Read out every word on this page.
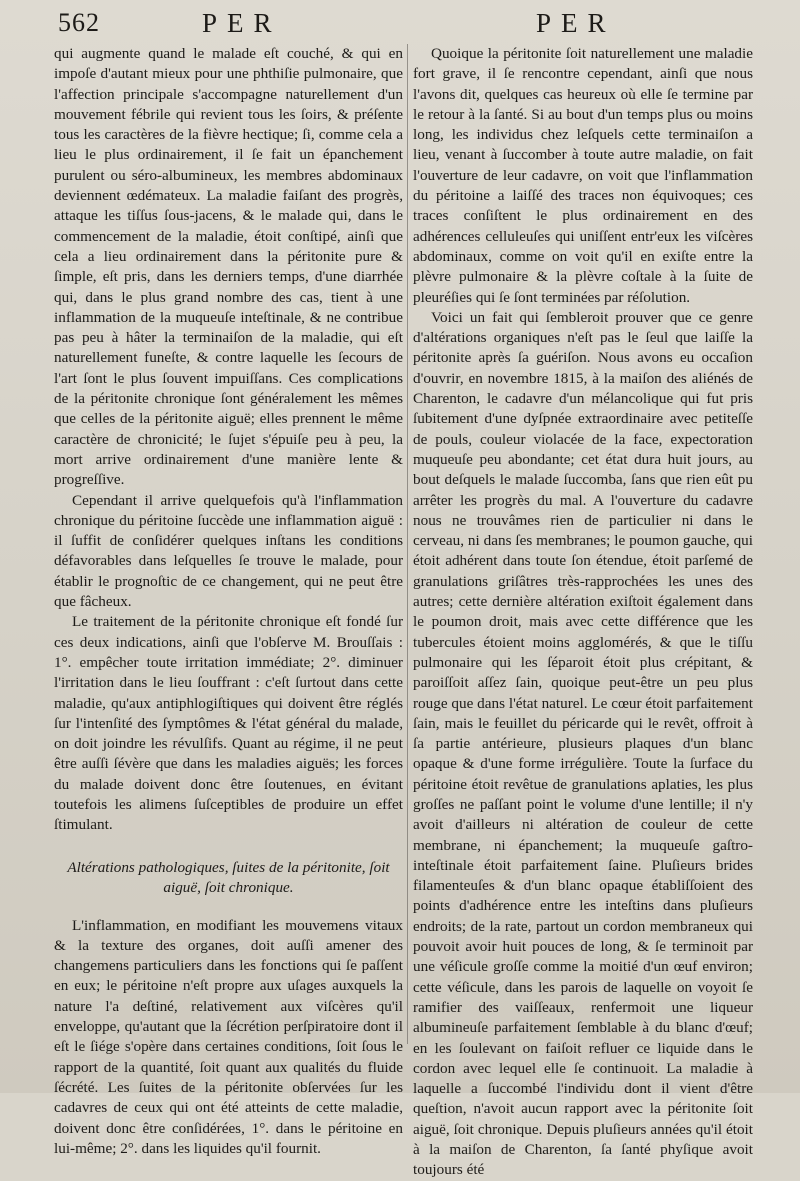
562	PER	PER

qui augmente quand le malade eſt couché, & qui en impoſe d'autant mieux pour une phthiſie pulmonaire, que l'affection principale s'accompagne naturellement d'un mouvement fébrile qui revient tous les ſoirs, & préſente tous les caractères de la fièvre hectique; ſi, comme cela a lieu le plus ordinairement, il ſe fait un épanchement purulent ou séro-albumineux, les membres abdominaux deviennent œdémateux. La maladie faiſant des progrès, attaque les tiſſus ſous-jacens, & le malade qui, dans le commencement de la maladie, étoit conſtipé, ainſi que cela a lieu ordinairement dans la péritonite pure & ſimple, eſt pris, dans les derniers temps, d'une diarrhée qui, dans le plus grand nombre des cas, tient à une inflammation de la muqueuſe inteſtinale, & ne contribue pas peu à hâter la terminaiſon de la maladie, qui eſt naturellement funeſte, & contre laquelle les ſecours de l'art ſont le plus ſouvent impuiſſans. Ces complications de la péritonite chronique ſont généralement les mêmes que celles de la péritonite aiguë; elles prennent le même caractère de chronicité; le ſujet s'épuiſe peu à peu, la mort arrive ordinairement d'une manière lente & progreſſive.

Cependant il arrive quelquefois qu'à l'inflammation chronique du péritoine ſuccède une inflammation aiguë : il ſuffit de conſidérer quelques inſtans les conditions défavorables dans leſquelles ſe trouve le malade, pour établir le prognoſtic de ce changement, qui ne peut être que fâcheux.

Le traitement de la péritonite chronique eſt fondé ſur ces deux indications, ainſi que l'obſerve M. Brouſſais : 1°. empêcher toute irritation immédiate; 2°. diminuer l'irritation dans le lieu ſouffrant : c'eſt ſurtout dans cette maladie, qu'aux antiphlogiſtiques qui doivent être réglés ſur l'intenſité des ſymptômes & l'état général du malade, on doit joindre les révulſifs. Quant au régime, il ne peut être auſſi ſévère que dans les maladies aiguës; les forces du malade doivent donc être ſoutenues, en évitant toutefois les alimens ſuſceptibles de produire un effet ſtimulant.

Altérations pathologiques, ſuites de la péritonite, ſoit aiguë, ſoit chronique.

L'inflammation, en modifiant les mouvemens vitaux & la texture des organes, doit auſſi amener des changemens particuliers dans les fonctions qui ſe paſſent en eux; le péritoine n'eſt propre aux uſages auxquels la nature l'a deſtiné, relativement aux viſcères qu'il enveloppe, qu'autant que la ſécrétion perſpiratoire dont il eſt le ſiége s'opère dans certaines conditions, ſoit ſous le rapport de la quantité, ſoit quant aux qualités du fluide ſécrété. Les ſuites de la péritonite obſervées ſur les cadavres de ceux qui ont été atteints de cette maladie, doivent donc être conſidérées, 1°. dans le péritoine en lui-même; 2°. dans les liquides qu'il fournit.

Quoique la péritonite ſoit naturellement une maladie fort grave, il ſe rencontre cependant, ainſi que nous l'avons dit, quelques cas heureux où elle ſe termine par le retour à la ſanté. Si au bout d'un temps plus ou moins long, les individus chez leſquels cette terminaiſon a lieu, venant à ſuccomber à toute autre maladie, on fait l'ouverture de leur cadavre, on voit que l'inflammation du péritoine a laiſſé des traces non équivoques; ces traces conſiſtent le plus ordinairement en des adhérences celluleuſes qui uniſſent entr'eux les viſcères abdominaux, comme on voit qu'il en exiſte entre la plèvre pulmonaire & la plèvre coſtale à la ſuite de pleuréſies qui ſe ſont terminées par réſolution.

Voici un fait qui ſembleroit prouver que ce genre d'altérations organiques n'eſt pas le ſeul que laiſſe la péritonite après ſa guériſon. Nous avons eu occaſion d'ouvrir, en novembre 1815, à la maiſon des aliénés de Charenton, le cadavre d'un mélancolique qui fut pris ſubitement d'une dyſpnée extraordinaire avec petiteſſe de pouls, couleur violacée de la face, expectoration muqueuſe peu abondante; cet état dura huit jours, au bout deſquels le malade ſuccomba, ſans que rien eût pu arrêter les progrès du mal. A l'ouverture du cadavre nous ne trouvâmes rien de particulier ni dans le cerveau, ni dans ſes membranes; le poumon gauche, qui étoit adhérent dans toute ſon étendue, étoit parſemé de granulations griſâtres très-rapprochées les unes des autres; cette dernière altération exiſtoit également dans le poumon droit, mais avec cette différence que les tubercules étoient moins agglomérés, & que le tiſſu pulmonaire qui les ſéparoit étoit plus crépitant, & paroiſſoit aſſez ſain, quoique peut-être un peu plus rouge que dans l'état naturel. Le cœur étoit parfaitement ſain, mais le feuillet du péricarde qui le revêt, offroit à ſa partie antérieure, plusieurs plaques d'un blanc opaque & d'une forme irrégulière. Toute la ſurface du péritoine étoit revêtue de granulations aplaties, les plus groſſes ne paſſant point le volume d'une lentille; il n'y avoit d'ailleurs ni altération de couleur de cette membrane, ni épanchement; la muqueuſe gaſtro-inteſtinale étoit parfaitement ſaine. Pluſieurs brides filamenteuſes & d'un blanc opaque établiſſoient des points d'adhérence entre les inteſtins dans pluſieurs endroits; de la rate, partout un cordon membraneux qui pouvoit avoir huit pouces de long, & ſe terminoit par une véſicule groſſe comme la moitié d'un œuf environ; cette véſicule, dans les parois de laquelle on voyoit ſe ramifier des vaiſſeaux, renfermoit une liqueur albumineuſe parfaitement ſemblable à du blanc d'œuf; en les ſoulevant on faiſoit refluer ce liquide dans le cordon avec lequel elle ſe continuoit. La maladie à laquelle a ſuccombé l'individu dont il vient d'être queſtion, n'avoit aucun rapport avec la péritonite ſoit aiguë, ſoit chronique. Depuis pluſieurs années qu'il étoit à la maiſon de Charenton, ſa ſanté phyſique avoit toujours été
